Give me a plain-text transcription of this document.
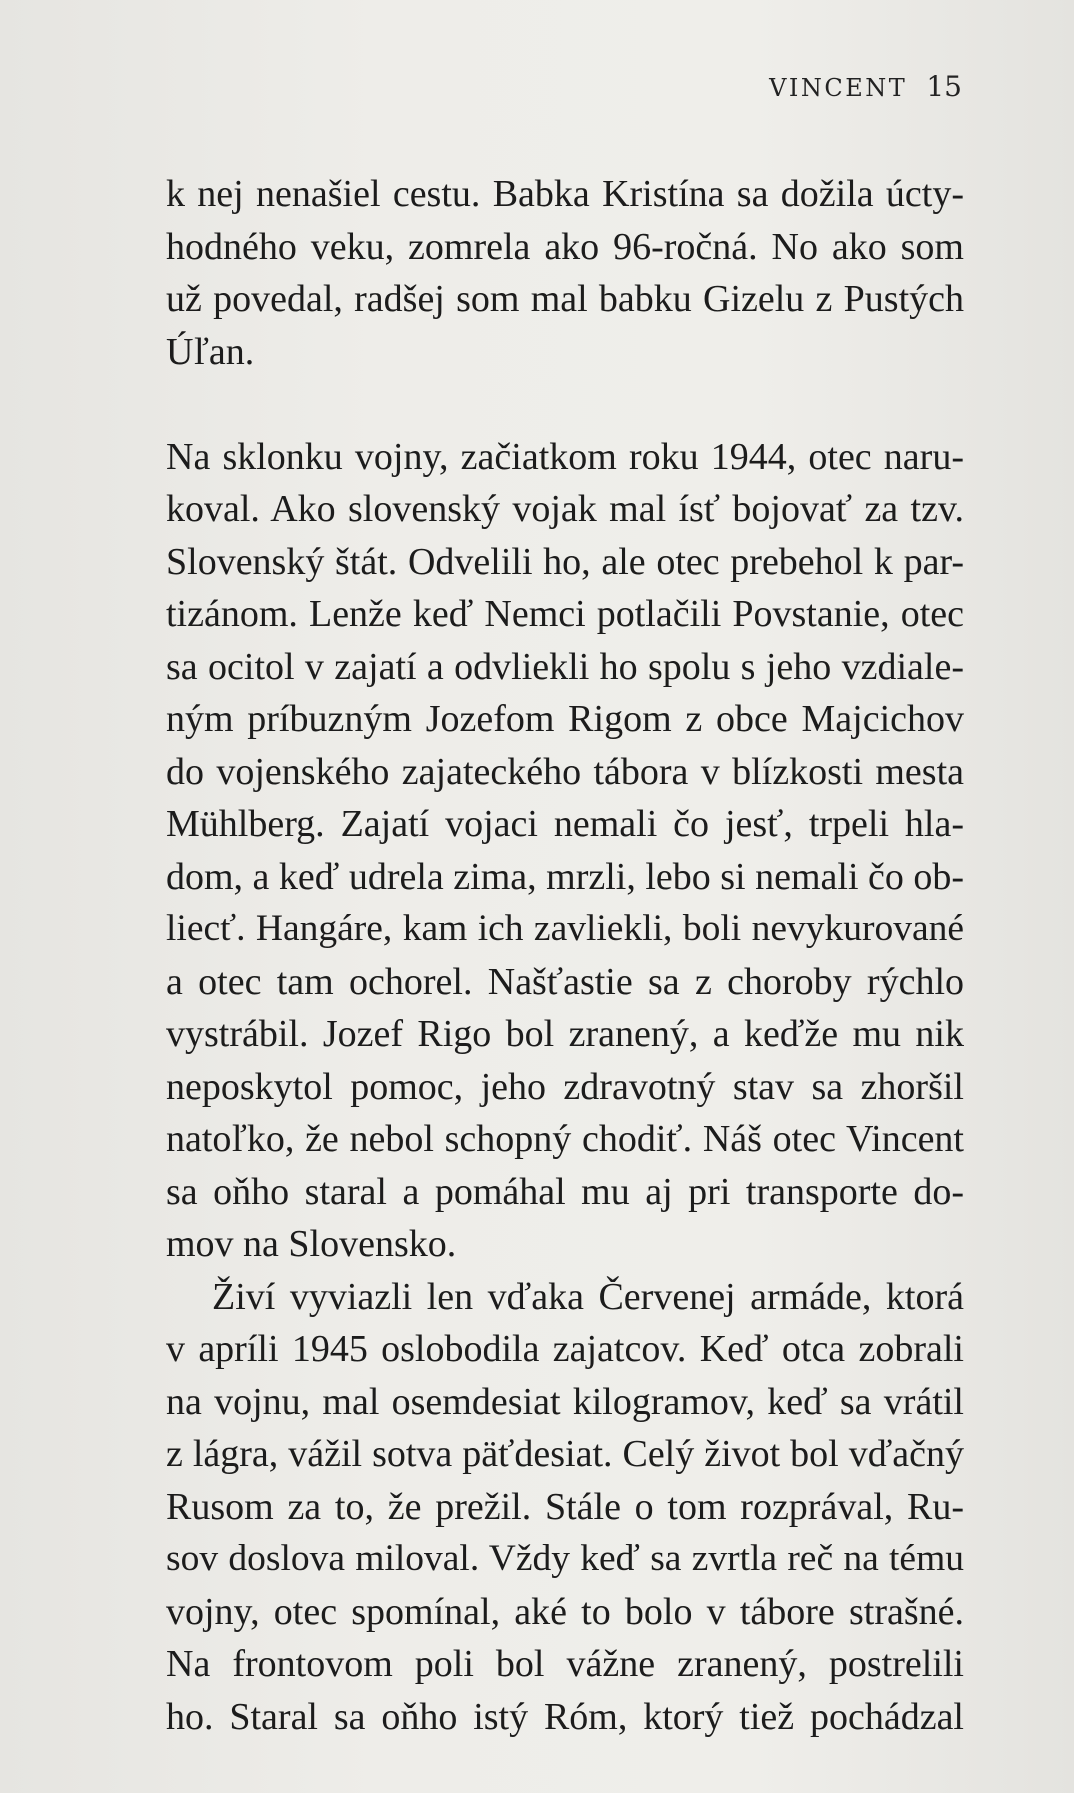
VINCENT 15

k nej nenašiel cestu. Babka Kristína sa dožila úcty-
hodného veku, zomrela ako 96-ročná. No ako som
už povedal, radšej som mal babku Gizelu z Pustých
Úľan.

Na sklonku vojny, začiatkom roku 1944, otec naru-
koval. Ako slovenský vojak mal ísť bojovať za tzv.
Slovenský štát. Odvelili ho, ale otec prebehol k par-
tizánom. Lenže keď Nemci potlačili Povstanie, otec
sa ocitol v zajatí a odvliekli ho spolu s jeho vzdiale-
ným príbuzným Jozefom Rigom z obce Majcichov
do vojenského zajateckého tábora v blízkosti mesta
Mühlberg. Zajatí vojaci nemali čo jesť, trpeli hla-
dom, a keď udrela zima, mrzli, lebo si nemali čo ob-
liecť. Hangáre, kam ich zavliekli, boli nevykurované
a otec tam ochorel. Našťastie sa z choroby rýchlo
vystrábil. Jozef Rigo bol zranený, a keďže mu nik
neposkytol pomoc, jeho zdravotný stav sa zhoršil
natoľko, že nebol schopný chodiť. Náš otec Vincent
sa oňho staral a pomáhal mu aj pri transporte do-
mov na Slovensko.

Živí vyviazli len vďaka Červenej armáde, ktorá
v apríli 1945 oslobodila zajatcov. Keď otca zobrali
na vojnu, mal osemdesiat kilogramov, keď sa vrátil
z lágra, vážil sotva päťdesiat. Celý život bol vďačný
Rusom za to, že prežil. Stále o tom rozprával, Ru-
sov doslova miloval. Vždy keď sa zvrtla reč na tému
vojny, otec spomínal, aké to bolo v tábore strašné.
Na frontovom poli bol vážne zranený, postrelili
ho. Staral sa oňho istý Róm, ktorý tiež pochádzal
